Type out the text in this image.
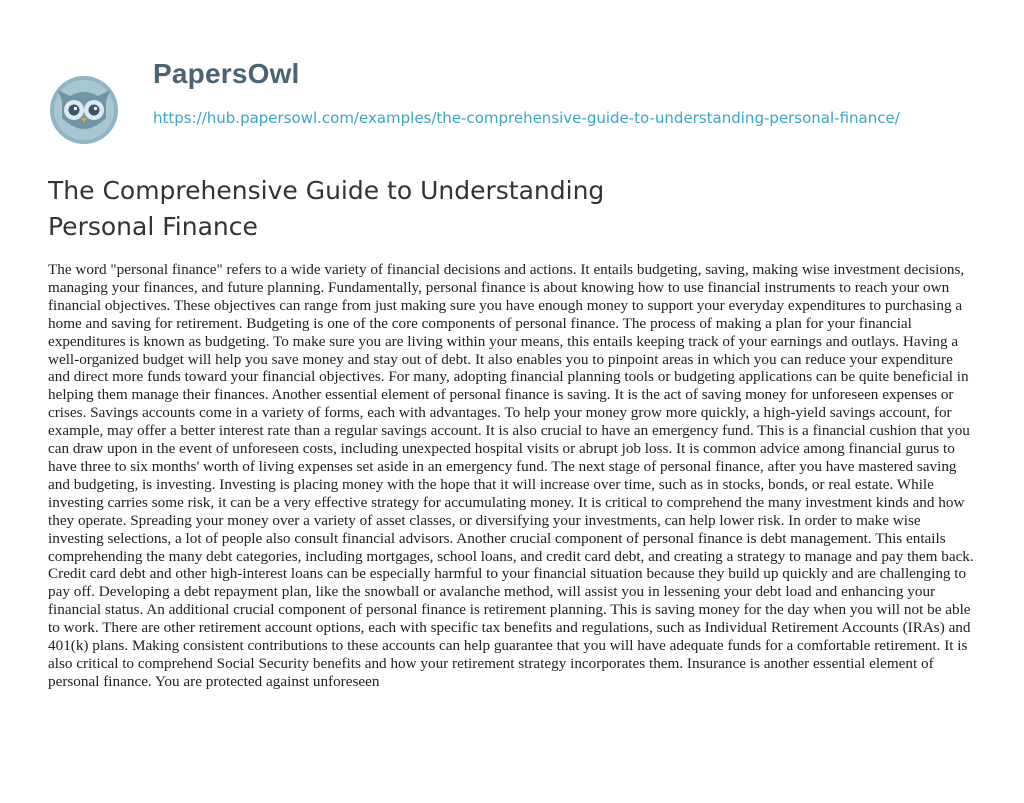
PapersOwl
https://hub.papersowl.com/examples/the-comprehensive-guide-to-understanding-personal-finance/
The Comprehensive Guide to Understanding Personal Finance

The word "personal finance" refers to a wide variety of financial decisions and actions. It entails budgeting, saving, making wise investment decisions, managing your finances, and future planning. Fundamentally, personal finance is about knowing how to use financial instruments to reach your own financial objectives. These objectives can range from just making sure you have enough money to support your everyday expenditures to purchasing a home and saving for retirement. Budgeting is one of the core components of personal finance. The process of making a plan for your financial expenditures is known as budgeting. To make sure you are living within your means, this entails keeping track of your earnings and outlays. Having a well-organized budget will help you save money and stay out of debt. It also enables you to pinpoint areas in which you can reduce your expenditure and direct more funds toward your financial objectives. For many, adopting financial planning tools or budgeting applications can be quite beneficial in helping them manage their finances. Another essential element of personal finance is saving. It is the act of saving money for unforeseen expenses or crises. Savings accounts come in a variety of forms, each with advantages. To help your money grow more quickly, a high-yield savings account, for example, may offer a better interest rate than a regular savings account. It is also crucial to have an emergency fund. This is a financial cushion that you can draw upon in the event of unforeseen costs, including unexpected hospital visits or abrupt job loss. It is common advice among financial gurus to have three to six months' worth of living expenses set aside in an emergency fund. The next stage of personal finance, after you have mastered saving and budgeting, is investing. Investing is placing money with the hope that it will increase over time, such as in stocks, bonds, or real estate. While investing carries some risk, it can be a very effective strategy for accumulating money. It is critical to comprehend the many investment kinds and how they operate. Spreading your money over a variety of asset classes, or diversifying your investments, can help lower risk. In order to make wise investing selections, a lot of people also consult financial advisors. Another crucial component of personal finance is debt management. This entails comprehending the many debt categories, including mortgages, school loans, and credit card debt, and creating a strategy to manage and pay them back. Credit card debt and other high-interest loans can be especially harmful to your financial situation because they build up quickly and are challenging to pay off. Developing a debt repayment plan, like the snowball or avalanche method, will assist you in lessening your debt load and enhancing your financial status. An additional crucial component of personal finance is retirement planning. This is saving money for the day when you will not be able to work. There are other retirement account options, each with specific tax benefits and regulations, such as Individual Retirement Accounts (IRAs) and 401(k) plans. Making consistent contributions to these accounts can help guarantee that you will have adequate funds for a comfortable retirement. It is also critical to comprehend Social Security benefits and how your retirement strategy incorporates them. Insurance is another essential element of personal finance. You are protected against unforeseen
